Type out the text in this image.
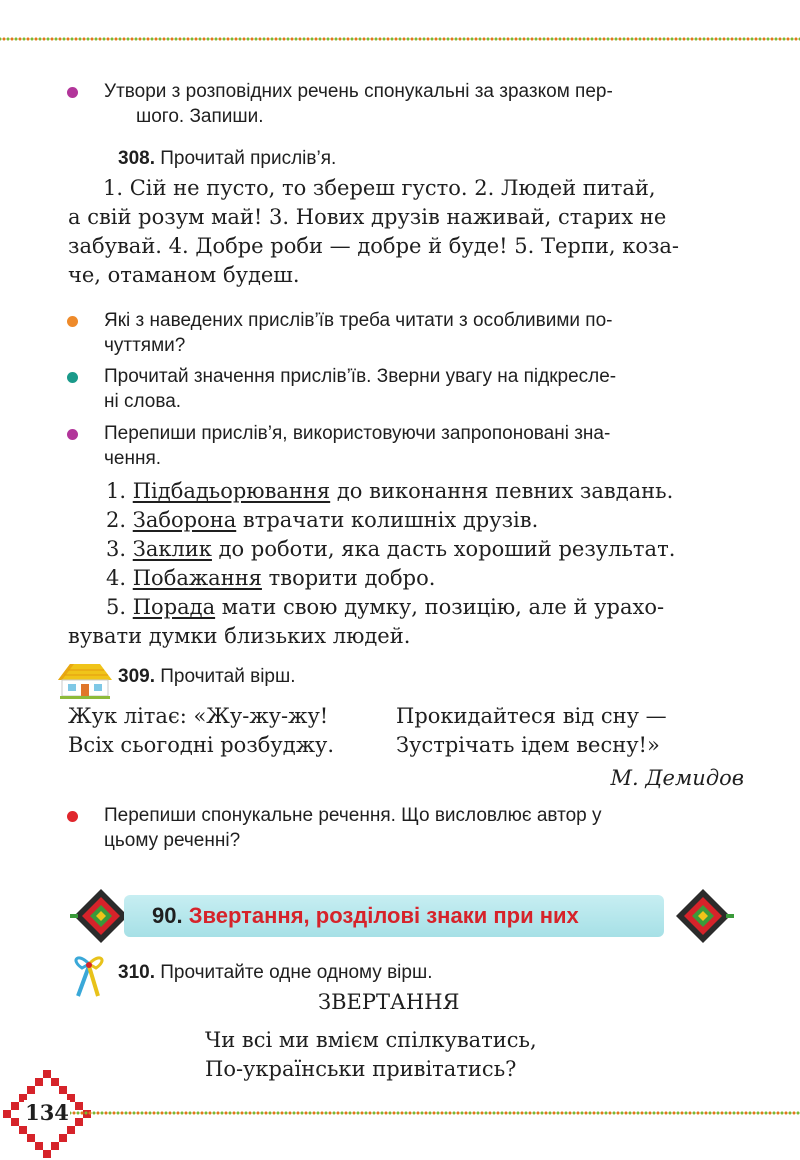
Утвори з розповідних речень спонукальні за зразком пер-
шого. Запиши.
308. Прочитай прислів’я.
1. Сій не пусто, то збереш густо. 2. Людей питай,
а свій розум май! 3. Нових друзів наживай, старих не
забувай. 4. Добре роби — добре й буде! 5. Терпи, коза-
че, отаманом будеш.
Які з наведених прислів’їв треба читати з особливими по-
чуттями?
Прочитай значення прислів’їв. Зверни увагу на підкресле-
ні слова.
Перепиши прислів’я, використовуючи запропоновані зна-
чення.
1. Підбадьорювання до виконання певних завдань.
2. Заборона втрачати колишніх друзів.
3. Заклик до роботи, яка дасть хороший результат.
4. Побажання творити добро.
5. Порада мати свою думку, позицію, але й урахо-
вувати думки близьких людей.
309. Прочитай вірш.
Жук літає: «Жу-жу-жу!
Всіх сьогодні розбуджу.
Прокидайтеся від сну —
Зустрічать ідем весну!»
М. Демидов
Перепиши спонукальне речення. Що висловлює автор у
цьому реченні?
90. Звертання, розділові знаки при них
310. Прочитайте одне одному вірш.
ЗВЕРТАННЯ
Чи всі ми вмієм спілкуватись,
По-українськи привітатись?
134
